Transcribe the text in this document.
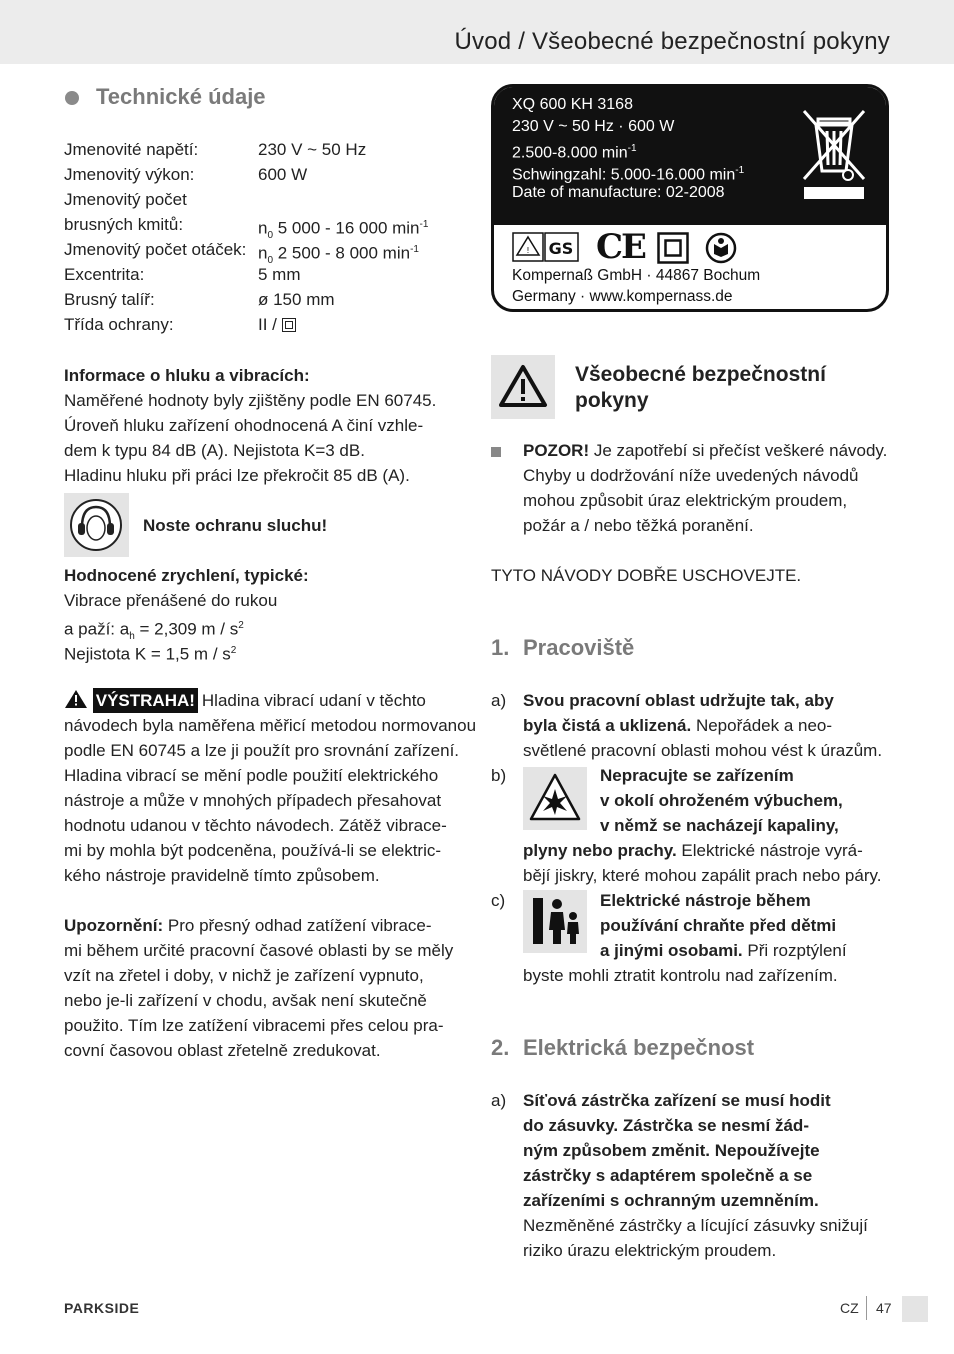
Úvod / Všeobecné bezpečnostní pokyny
Technické údaje
Jmenovité napětí:	230 V ~ 50 Hz
Jmenovitý výkon:	600 W
Jmenovitý počet
brusných kmitů:	$n_0$ 5 000 - 16 000 $\min^{-1}$
Jmenovitý počet otáček: $n_0$ 2 500 - 8 000 $\min^{-1}$
Excentrita:	5 mm
Brusný talíř:	ø 150 mm
Třída ochrany:	II /
Informace o hluku a vibracích:
Naměřené hodnoty byly zjištěny podle EN 60745.
Úroveň hluku zařízení ohodnocená A činí vzhle-
dem k typu 84 dB (A). Nejistota K=3 dB.
Hladinu hluku při práci lze překročit 85 dB (A).
Noste ochranu sluchu!
Hodnocené zrychlení, typické:
Vibrace přenášené do rukou
a paží: $a_h = 2,309$ m / $s^2$
Nejistota K = 1,5 m / $s^2$
VÝSTRAHA! Hladina vibrací udaní v těchto
návodech byla naměřena měřicí metodou normovanou
podle EN 60745 a lze ji použít pro srovnání zařízení.
Hladina vibrací se mění podle použití elektrického
nástroje a může v mnohých případech přesahovat
hodnotu udanou v těchto návodech. Zátěž vibrace-
mi by mohla být podceněna, používá-li se elektric-
kého nástroje pravidelně tímto způsobem.
Upozornění: Pro přesný odhad zatížení vibrace-
mi během určité pracovní časové oblasti by se měly
vzít na zřetel i doby, v nichž je zařízení vypnuto,
nebo je-li zařízení v chodu, avšak není skutečně
použito. Tím lze zatížení vibracemi přes celou pra-
covní časovou oblast zřetelně zredukovat.
XQ 600 KH 3168
230 V ~ 50 Hz · 600 W
2.500-8.000 $\min^{-1}$
Schwingzahl: 5.000-16.000 $\min^{-1}$
Date of manufacture: 02-2008
! GS CE
Kompernaß GmbH · 44867 Bochum
Germany · www.kompernass.de
Všeobecné bezpečnostní
pokyny
POZOR! Je zapotřebí si přečíst veškeré návody.
Chyby u dodržování níže uvedených návodů
mohou způsobit úraz elektrickým proudem,
požár a / nebo těžká poranění.
TYTO NÁVODY DOBŘE USCHOVEJTE.
1. Pracoviště
a) Svou pracovní oblast udržujte tak, aby
byla čistá a uklizená. Nepořádek a neo-
světlené pracovní oblasti mohou vést k úrazům.
b)	Nepracujte se zařízením
v okolí ohroženém výbuchem,
v němž se nacházejí kapaliny,
plyny nebo prachy. Elektrické nástroje vyrá-
bějí jiskry, které mohou zapálit prach nebo páry.
c)	Elektrické nástroje během
používání chraňte před dětmi
a jinými osobami. Při rozptýlení
byste mohli ztratit kontrolu nad zařízením.
2. Elektrická bezpečnost
a) Síťová zástrčka zařízení se musí hodit
do zásuvky. Zástrčka se nesmí žád-
ným způsobem změnit. Nepoužívejte
zástrčky s adaptérem společně a se
zařízeními s ochranným uzemněním.
Nezměněné zástrčky a lícující zásuvky snižují
riziko úrazu elektrickým proudem.
PARKSIDE	CZ 47
